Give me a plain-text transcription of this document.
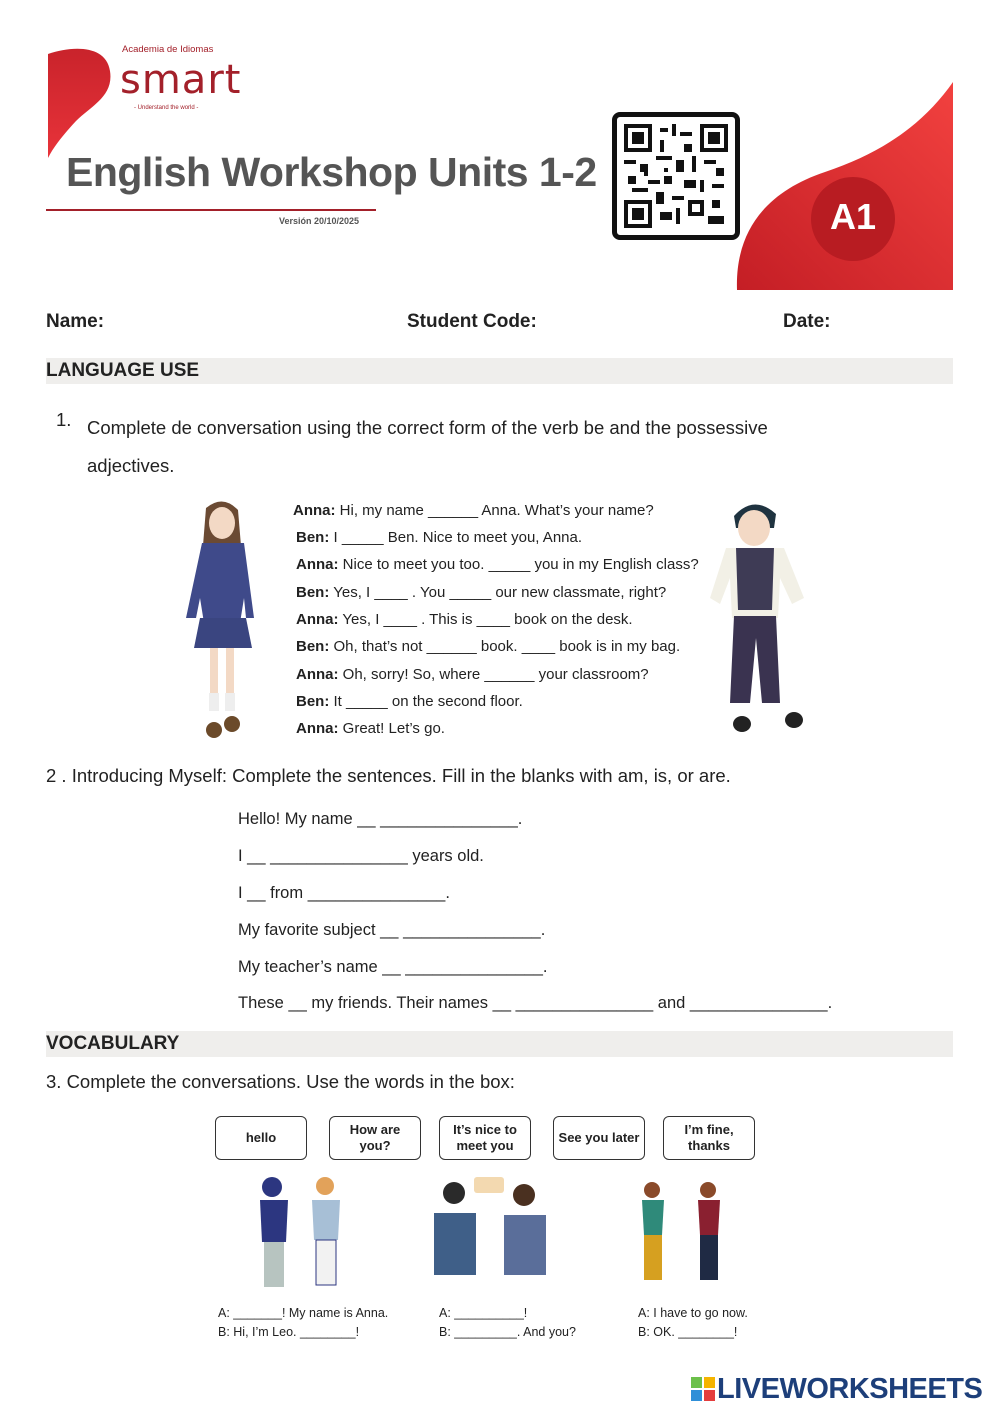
Academia de Idiomas
smart
- Understand the world -
English Workshop Units 1-2
Versión 20/10/2025	A1
Name:	Student Code:	Date:
LANGUAGE USE
1. Complete de conversation using the correct form of the verb be and the possessive
adjectives.
Anna: Hi, my name ______ Anna. What’s your name?
Ben: I _____ Ben. Nice to meet you, Anna.
Anna: Nice to meet you too. _____ you in my English class?
Ben: Yes, I ____ . You _____ our new classmate, right?
Anna: Yes, I ____ . This is ____ book on the desk.
Ben: Oh, that’s not ______ book. ____ book is in my bag.
Anna: Oh, sorry! So, where ______ your classroom?
Ben: It _____ on the second floor.
Anna: Great! Let’s go.
2 . Introducing Myself: Complete the sentences. Fill in the blanks with am, is, or are.
Hello! My name __ _______________.
I __ _______________ years old.
I __ from _______________.
My favorite subject __ _______________.
My teacher’s name __ _______________.
These __ my friends. Their names __ _______________ and _______________.
VOCABULARY
3. Complete the conversations. Use the words in the box:
hello
How are you?
It’s nice to meet you
See you later
I’m fine, thanks
A: _______! My name is Anna.
B: Hi, I’m Leo. ________!
A: __________!
B: _________. And you?
A: I have to go now.
B: OK. ________!
LIVEWORKSHEETS
